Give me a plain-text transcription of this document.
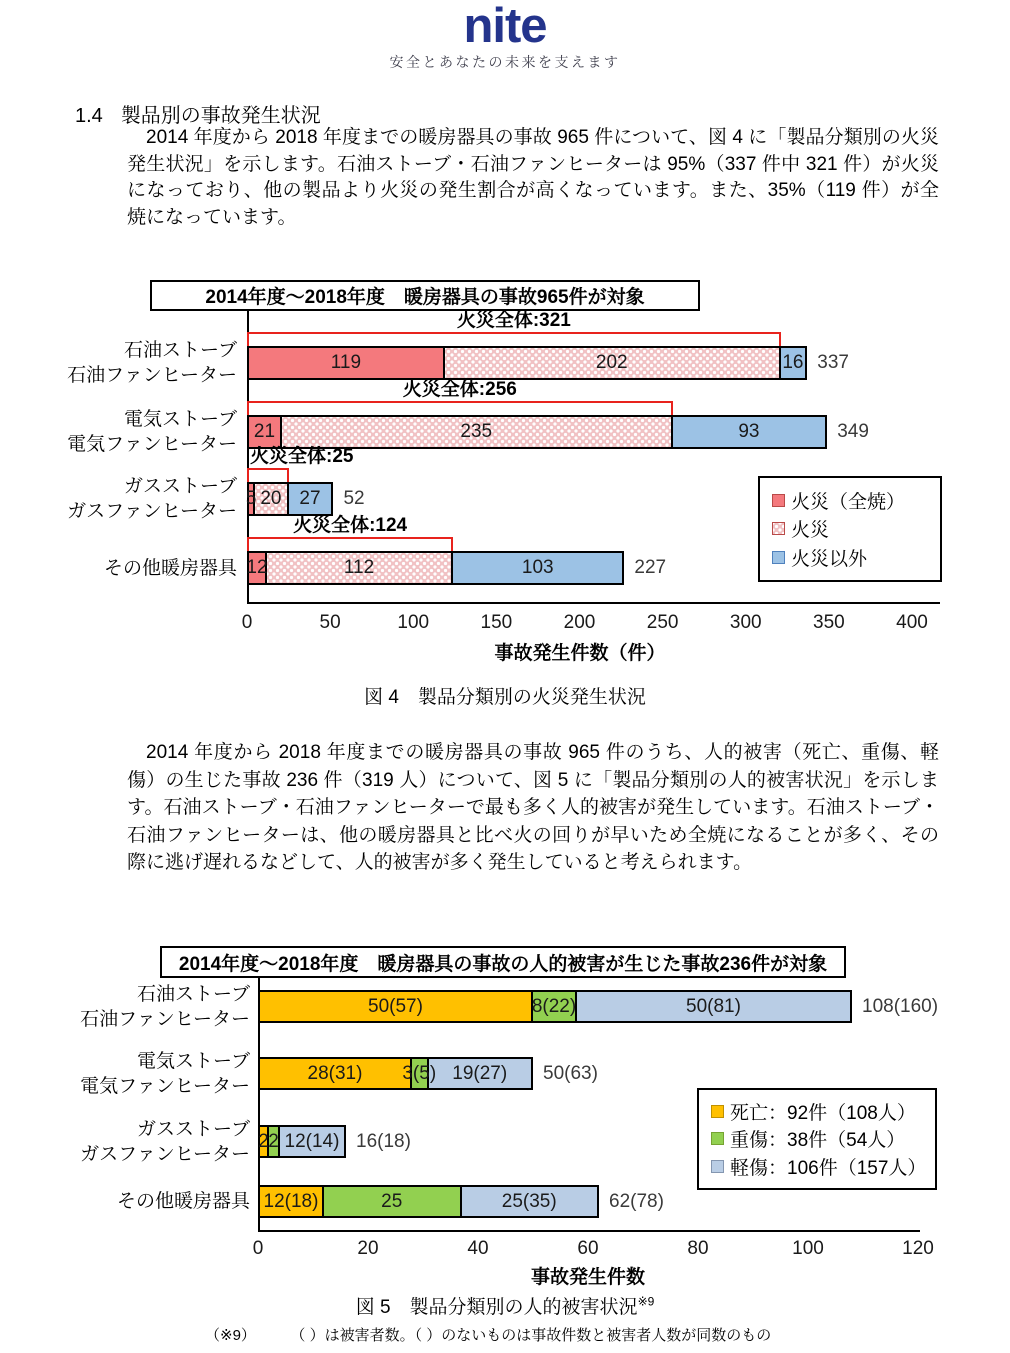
nite
安全とあなたの未来を支えます
1.4 製品別の事故発生状況

2014 年度から 2018 年度までの暖房器具の事故 965 件について、図 4 に「製品分類別の火災発生状況」を示します。石油ストーブ・石油ファンヒーターは 95%（337 件中 321 件）が火災になっており、他の製品より火災の発生割合が高くなっています。また、35%（119 件）が全焼になっています。

2014年度～2018年度　暖房器具の事故965件が対象
図 4　製品分類別の火災発生状況
石油ストーブ
石油ファンヒーター
119	202	16 337
火災全体:321
電気ストーブ
電気ファンヒーター
21	235	93	349
火災全体:256
ガスストーブ
ガスファンヒーター
5 20 27 52
火災全体:25
その他暖房器具 12	112	103	227
火災全体:124
0	50	100	150	200	250	300	350	400
事故発生件数（件）
火災（全焼）
火災
火災以外

2014 年度から 2018 年度までの暖房器具の事故 965 件のうち、人的被害（死亡、重傷、軽傷）の生じた事故 236 件（319 人）について、図 5 に「製品分類別の人的被害状況」を示します。石油ストーブ・石油ファンヒーターで最も多く人的被害が発生しています。石油ストーブ・石油ファンヒーターは、他の暖房器具と比べ火の回りが早いため全焼になることが多く、その際に逃げ遅れるなどして、人的被害が多く発生していると考えられます。

2014年度～2018年度　暖房器具の事故の人的被害が生じた事故236件が対象
図 5　製品分類別の人的被害状況$^{※9}$
（※9）	（ ）は被害者数。（ ）のないものは事故件数と被害者人数が同数のもの
石油ストーブ
石油ファンヒーター
50(57)	8(22)	50(81)	108(160)
電気ストーブ
電気ファンヒーター
28(31) 3(5) 19(27) 50(63)
ガスストーブ
ガスファンヒーター
2 2 12(14) 16(18)
その他暖房器具 12(18)	25	25(35)	62(78)
0	20	40	60	80	100	120
事故発生件数
死亡：92件（108人）
重傷：38件（54人）
軽傷：106件（157人）
